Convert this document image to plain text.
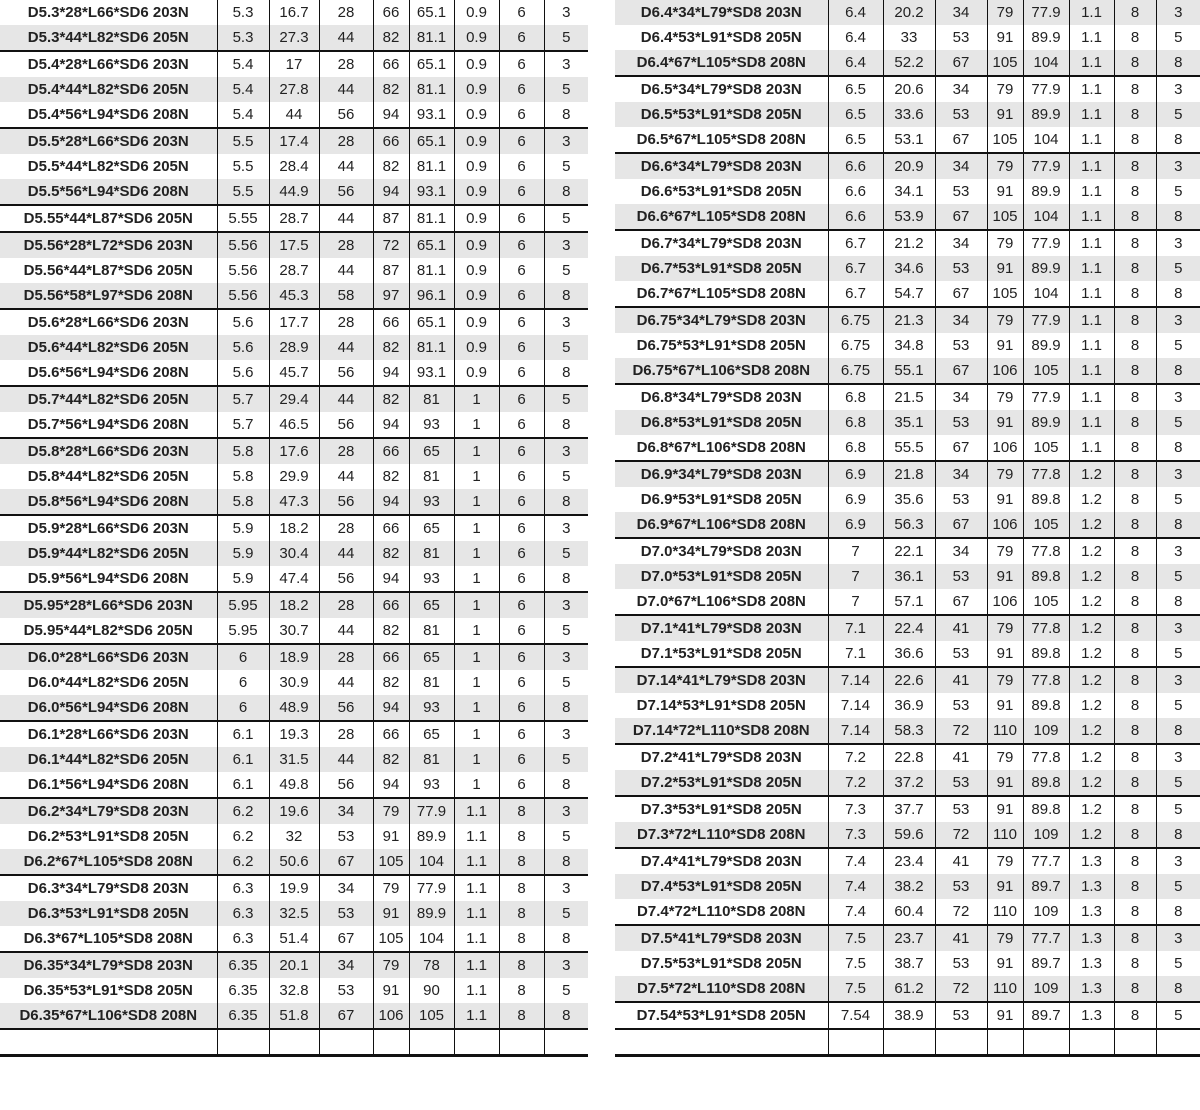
D5.3*28*L66*SD6 203N	5.3	16.7	28	66	65.1	0.9	6	3
D5.3*44*L82*SD6 205N	5.3	27.3	44	82	81.1	0.9	6	5
D5.4*28*L66*SD6 203N	5.4	17	28	66	65.1	0.9	6	3
D5.4*44*L82*SD6 205N	5.4	27.8	44	82	81.1	0.9	6	5
D5.4*56*L94*SD6 208N	5.4	44	56	94	93.1	0.9	6	8
D5.5*28*L66*SD6 203N	5.5	17.4	28	66	65.1	0.9	6	3
D5.5*44*L82*SD6 205N	5.5	28.4	44	82	81.1	0.9	6	5
D5.5*56*L94*SD6 208N	5.5	44.9	56	94	93.1	0.9	6	8
D5.55*44*L87*SD6 205N	5.55	28.7	44	87	81.1	0.9	6	5
D5.56*28*L72*SD6 203N	5.56	17.5	28	72	65.1	0.9	6	3
D5.56*44*L87*SD6 205N	5.56	28.7	44	87	81.1	0.9	6	5
D5.56*58*L97*SD6 208N	5.56	45.3	58	97	96.1	0.9	6	8
D5.6*28*L66*SD6 203N	5.6	17.7	28	66	65.1	0.9	6	3
D5.6*44*L82*SD6 205N	5.6	28.9	44	82	81.1	0.9	6	5
D5.6*56*L94*SD6 208N	5.6	45.7	56	94	93.1	0.9	6	8
D5.7*44*L82*SD6 205N	5.7	29.4	44	82	81	1	6	5
D5.7*56*L94*SD6 208N	5.7	46.5	56	94	93	1	6	8
D5.8*28*L66*SD6 203N	5.8	17.6	28	66	65	1	6	3
D5.8*44*L82*SD6 205N	5.8	29.9	44	82	81	1	6	5
D5.8*56*L94*SD6 208N	5.8	47.3	56	94	93	1	6	8
D5.9*28*L66*SD6 203N	5.9	18.2	28	66	65	1	6	3
D5.9*44*L82*SD6 205N	5.9	30.4	44	82	81	1	6	5
D5.9*56*L94*SD6 208N	5.9	47.4	56	94	93	1	6	8
D5.95*28*L66*SD6 203N	5.95	18.2	28	66	65	1	6	3
D5.95*44*L82*SD6 205N	5.95	30.7	44	82	81	1	6	5
D6.0*28*L66*SD6 203N	6	18.9	28	66	65	1	6	3
D6.0*44*L82*SD6 205N	6	30.9	44	82	81	1	6	5
D6.0*56*L94*SD6 208N	6	48.9	56	94	93	1	6	8
D6.1*28*L66*SD6 203N	6.1	19.3	28	66	65	1	6	3
D6.1*44*L82*SD6 205N	6.1	31.5	44	82	81	1	6	5
D6.1*56*L94*SD6 208N	6.1	49.8	56	94	93	1	6	8
D6.2*34*L79*SD8 203N	6.2	19.6	34	79	77.9	1.1	8	3
D6.2*53*L91*SD8 205N	6.2	32	53	91	89.9	1.1	8	5
D6.2*67*L105*SD8 208N	6.2	50.6	67	105	104	1.1	8	8
D6.3*34*L79*SD8 203N	6.3	19.9	34	79	77.9	1.1	8	3
D6.3*53*L91*SD8 205N	6.3	32.5	53	91	89.9	1.1	8	5
D6.3*67*L105*SD8 208N	6.3	51.4	67	105	104	1.1	8	8
D6.35*34*L79*SD8 203N	6.35	20.1	34	79	78	1.1	8	3
D6.35*53*L91*SD8 205N	6.35	32.8	53	91	90	1.1	8	5
D6.35*67*L106*SD8 208N	6.35	51.8	67	106	105	1.1	8	8

D6.4*34*L79*SD8 203N	6.4	20.2	34	79	77.9	1.1	8	3
D6.4*53*L91*SD8 205N	6.4	33	53	91	89.9	1.1	8	5
D6.4*67*L105*SD8 208N	6.4	52.2	67	105	104	1.1	8	8
D6.5*34*L79*SD8 203N	6.5	20.6	34	79	77.9	1.1	8	3
D6.5*53*L91*SD8 205N	6.5	33.6	53	91	89.9	1.1	8	5
D6.5*67*L105*SD8 208N	6.5	53.1	67	105	104	1.1	8	8
D6.6*34*L79*SD8 203N	6.6	20.9	34	79	77.9	1.1	8	3
D6.6*53*L91*SD8 205N	6.6	34.1	53	91	89.9	1.1	8	5
D6.6*67*L105*SD8 208N	6.6	53.9	67	105	104	1.1	8	8
D6.7*34*L79*SD8 203N	6.7	21.2	34	79	77.9	1.1	8	3
D6.7*53*L91*SD8 205N	6.7	34.6	53	91	89.9	1.1	8	5
D6.7*67*L105*SD8 208N	6.7	54.7	67	105	104	1.1	8	8
D6.75*34*L79*SD8 203N	6.75	21.3	34	79	77.9	1.1	8	3
D6.75*53*L91*SD8 205N	6.75	34.8	53	91	89.9	1.1	8	5
D6.75*67*L106*SD8 208N	6.75	55.1	67	106	105	1.1	8	8
D6.8*34*L79*SD8 203N	6.8	21.5	34	79	77.9	1.1	8	3
D6.8*53*L91*SD8 205N	6.8	35.1	53	91	89.9	1.1	8	5
D6.8*67*L106*SD8 208N	6.8	55.5	67	106	105	1.1	8	8
D6.9*34*L79*SD8 203N	6.9	21.8	34	79	77.8	1.2	8	3
D6.9*53*L91*SD8 205N	6.9	35.6	53	91	89.8	1.2	8	5
D6.9*67*L106*SD8 208N	6.9	56.3	67	106	105	1.2	8	8
D7.0*34*L79*SD8 203N	7	22.1	34	79	77.8	1.2	8	3
D7.0*53*L91*SD8 205N	7	36.1	53	91	89.8	1.2	8	5
D7.0*67*L106*SD8 208N	7	57.1	67	106	105	1.2	8	8
D7.1*41*L79*SD8 203N	7.1	22.4	41	79	77.8	1.2	8	3
D7.1*53*L91*SD8 205N	7.1	36.6	53	91	89.8	1.2	8	5
D7.14*41*L79*SD8 203N	7.14	22.6	41	79	77.8	1.2	8	3
D7.14*53*L91*SD8 205N	7.14	36.9	53	91	89.8	1.2	8	5
D7.14*72*L110*SD8 208N	7.14	58.3	72	110	109	1.2	8	8
D7.2*41*L79*SD8 203N	7.2	22.8	41	79	77.8	1.2	8	3
D7.2*53*L91*SD8 205N	7.2	37.2	53	91	89.8	1.2	8	5
D7.3*53*L91*SD8 205N	7.3	37.7	53	91	89.8	1.2	8	5
D7.3*72*L110*SD8 208N	7.3	59.6	72	110	109	1.2	8	8
D7.4*41*L79*SD8 203N	7.4	23.4	41	79	77.7	1.3	8	3
D7.4*53*L91*SD8 205N	7.4	38.2	53	91	89.7	1.3	8	5
D7.4*72*L110*SD8 208N	7.4	60.4	72	110	109	1.3	8	8
D7.5*41*L79*SD8 203N	7.5	23.7	41	79	77.7	1.3	8	3
D7.5*53*L91*SD8 205N	7.5	38.7	53	91	89.7	1.3	8	5
D7.5*72*L110*SD8 208N	7.5	61.2	72	110	109	1.3	8	8
D7.54*53*L91*SD8 205N	7.54	38.9	53	91	89.7	1.3	8	5
